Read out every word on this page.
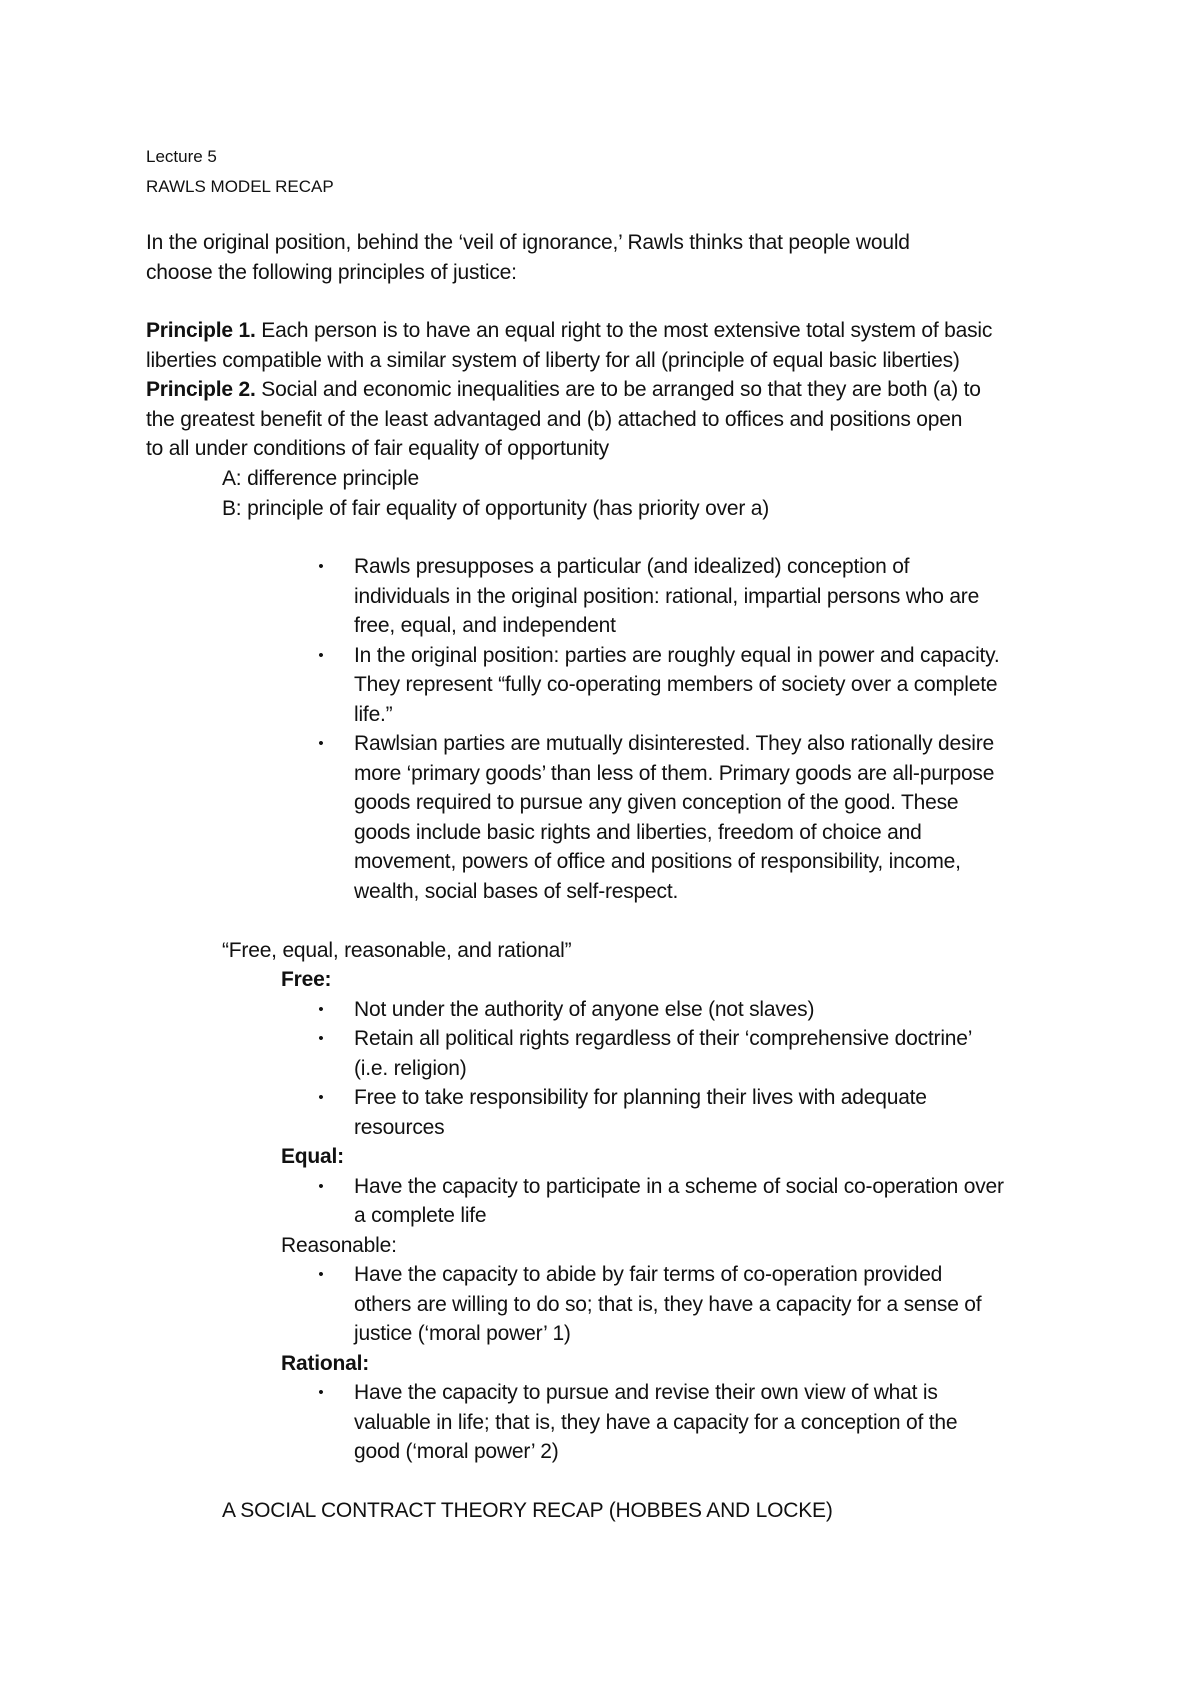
Lecture 5
RAWLS MODEL RECAP
In the original position, behind the ‘veil of ignorance,’ Rawls thinks that people would
choose the following principles of justice:
Principle 1. Each person is to have an equal right to the most extensive total system of basic
liberties compatible with a similar system of liberty for all (principle of equal basic liberties)
Principle 2. Social and economic inequalities are to be arranged so that they are both (a) to
the greatest benefit of the least advantaged and (b) attached to offices and positions open
to all under conditions of fair equality of opportunity
A: difference principle
B: principle of fair equality of opportunity (has priority over a)
• Rawls presupposes a particular (and idealized) conception of
individuals in the original position: rational, impartial persons who are
free, equal, and independent
• In the original position: parties are roughly equal in power and capacity.
They represent “fully co-operating members of society over a complete
life.”
• Rawlsian parties are mutually disinterested. They also rationally desire
more ‘primary goods’ than less of them. Primary goods are all-purpose
goods required to pursue any given conception of the good. These
goods include basic rights and liberties, freedom of choice and
movement, powers of office and positions of responsibility, income,
wealth, social bases of self-respect.
“Free, equal, reasonable, and rational”
Free:
• Not under the authority of anyone else (not slaves)
• Retain all political rights regardless of their ‘comprehensive doctrine’
(i.e. religion)
• Free to take responsibility for planning their lives with adequate
resources
Equal:
• Have the capacity to participate in a scheme of social co-operation over
a complete life
Reasonable:
• Have the capacity to abide by fair terms of co-operation provided
others are willing to do so; that is, they have a capacity for a sense of
justice (‘moral power’ 1)
Rational:
• Have the capacity to pursue and revise their own view of what is
valuable in life; that is, they have a capacity for a conception of the
good (‘moral power’ 2)
A SOCIAL CONTRACT THEORY RECAP (HOBBES AND LOCKE)
